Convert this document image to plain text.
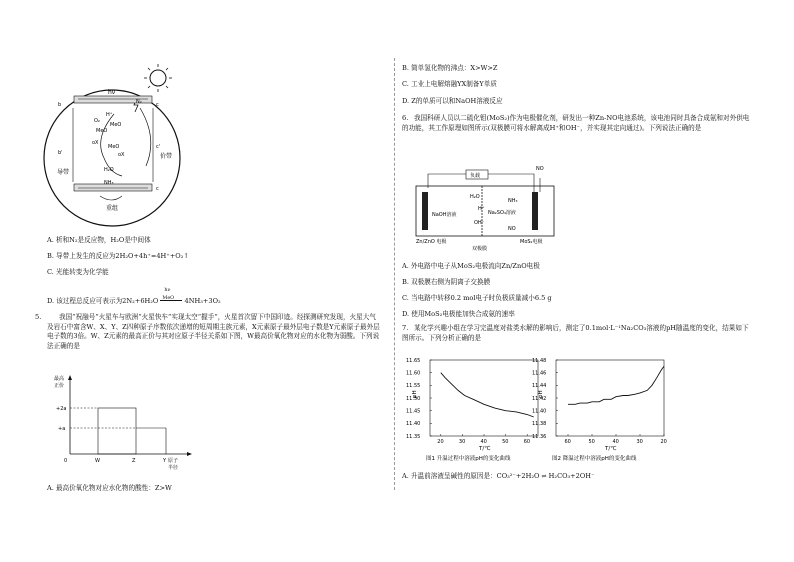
hν
N₂
H⁺
MeO
O₂
MeO
oX
MeO
oX
H₂O
NH₃
b
b'
c
c'
c
导带
价带
重组
A. 析和N₂是反应物，H₂O是中间体
B. 导带上发生的反应为2H₂O+4h⁺=4H⁺+O₂↑
C. 光能转变为化学能
D. 该过程总反应可表示为2N₂+6H₂O
hν
MeO 4NH₃+3O₂
5.	我国“祝融号”火星车与欧洲“火星快车”实现太空“握手”，火星首次留下中国印迹。经探测研究发现，火星大气及岩石中富含W、X、Y、Z四种原子序数依次递增的短周期主族元素，X元素原子最外层电子数是Y元素原子最外层电子数的3倍。W、Z元素的最高正价与其对应原子半径关系如下图，W最高价氧化物对应的水化物为弱酸。下列说法正确的是
最高
正价
+2a
+a
0	W	Z	Y 原子
半径
A. 最高价氧化物对应水化物的酸性：Z>W
B. 简单氢化物的沸点：X>W>Z
C. 工业上电解熔融YX制备Y单质
D. Z的单质可以和NaOH溶液反应
6. 我国科研人员以二硫化钼(MoS₂)作为电极催化剂，研发出一种Zn-NO电池系统，该电池同时具备合成氨和对外供电的功能，其工作原理如图所示(双极膜可将水解离成H⁺和OH⁻，并实现其定向通过)。下列说法正确的是
负载
NO
NaOH溶液
H₂O
H⁺
OH⁻
NH₃
Na₂SO₄溶液
NO
Zn/ZnO 电极	MoS₂电极
双极膜
A. 外电路中电子从MoS₂电极流向Zn/ZnO电极
B. 双极膜右侧为阴离子交换膜
C. 当电路中转移0.2 mol电子时负极质量减小6.5 g
D. 使用MoS₂电极能加快合成氨的速率
7. 某化学兴趣小组在学习完温度对盐类水解的影响后，测定了0.1mol·L⁻¹Na₂CO₃溶液的pH随温度的变化，结果如下图所示。下列分析正确的是
20	30	40	50	60
11.35
11.40
11.45
11.50
11.55
11.60
11.65
pH
T/℃
图1 升温过程中溶液pH的变化曲线
60	50	40	30	20
11.36
11.38
11.40
11.42
11.44
11.46
11.48
pH
T/℃
图2 降温过程中溶液pH的变化曲线
A. 升温前溶液呈碱性的原因是：CO₃²⁻+2H₂O ⇌ H₂CO₃+2OH⁻
